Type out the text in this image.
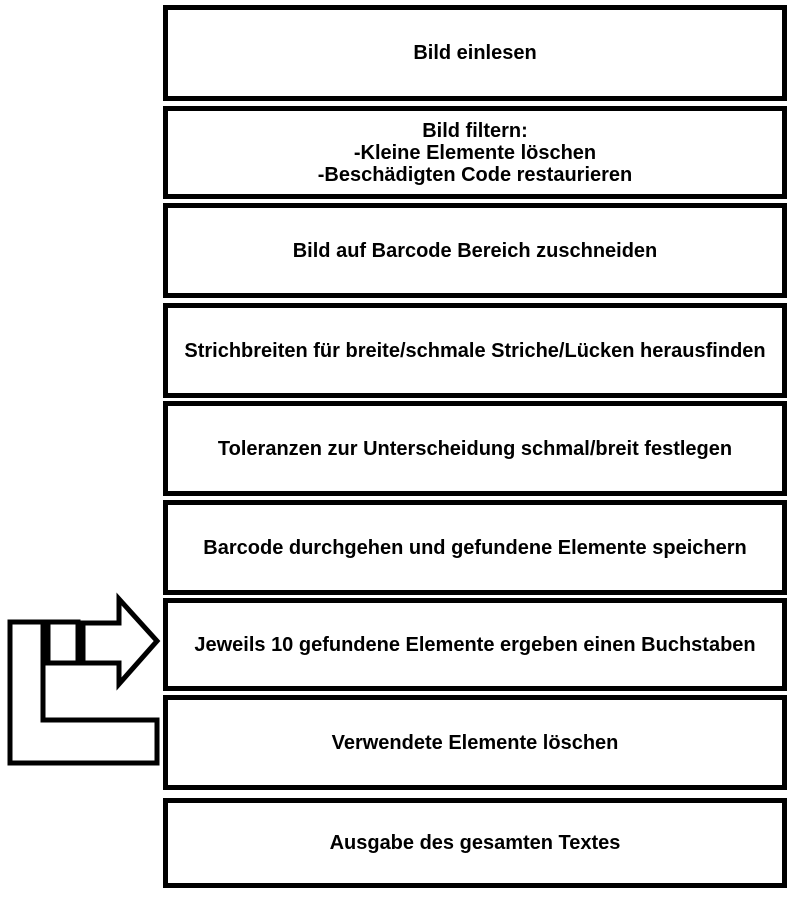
Bild einlesen
Bild filtern:
-Kleine Elemente löschen
-Beschädigten Code restaurieren
Bild auf Barcode Bereich zuschneiden
Strichbreiten für breite/schmale Striche/Lücken herausfinden
Toleranzen zur Unterscheidung schmal/breit festlegen
Barcode durchgehen und gefundene Elemente speichern
Jeweils 10 gefundene Elemente ergeben einen Buchstaben
Verwendete Elemente löschen
Ausgabe des gesamten Textes
